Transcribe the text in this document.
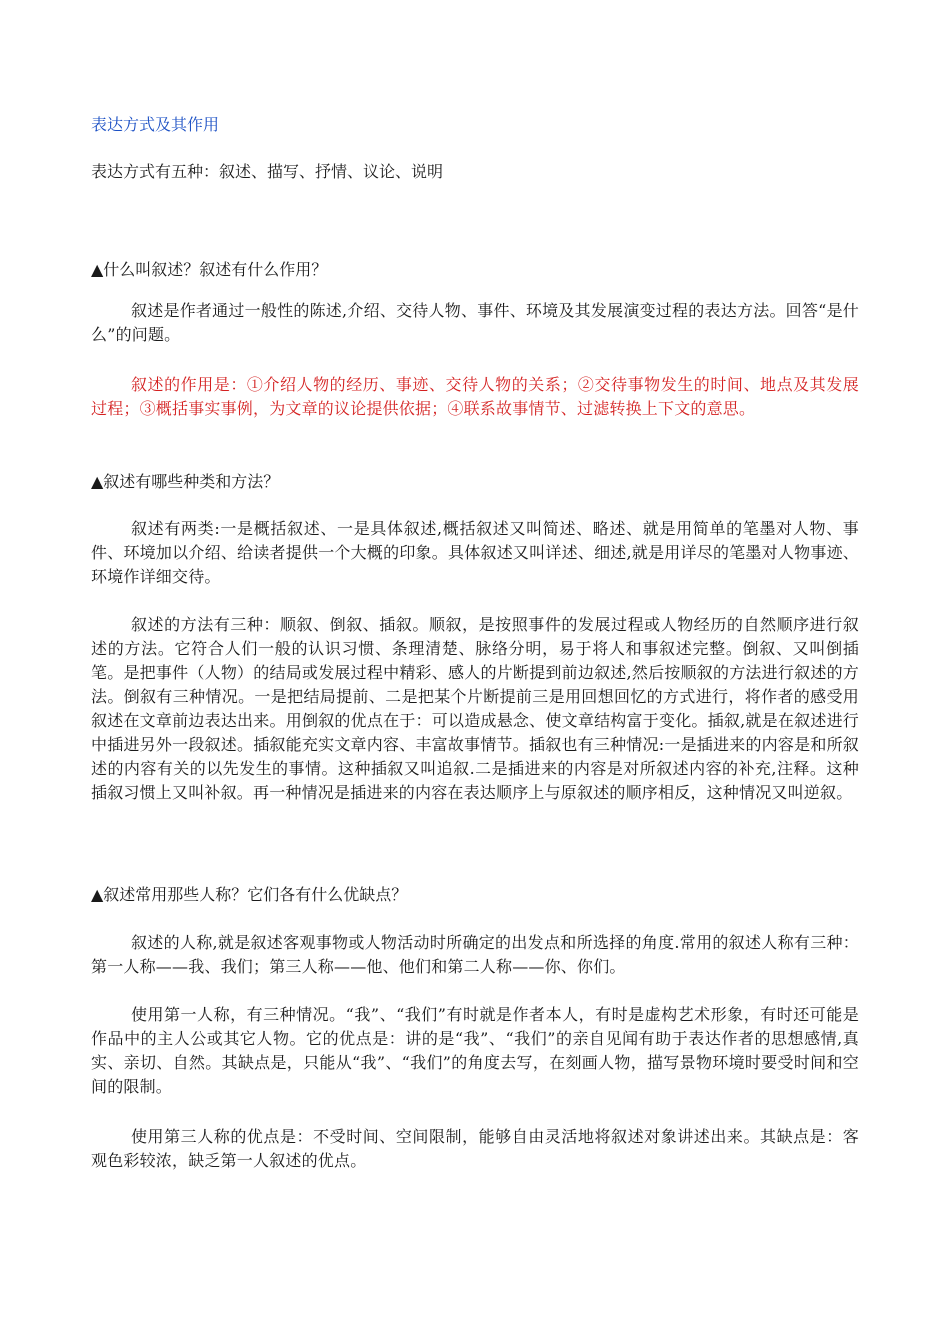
表达方式及其作用
表达方式有五种：叙述、描写、抒情、议论、说明
▲什么叫叙述？叙述有什么作用？

叙述是作者通过一般性的陈述,介绍、交待人物、事件、环境及其发展演变过程的表达方法。回答“是什么”的问题。

叙述的作用是：①介绍人物的经历、事迹、交待人物的关系；②交待事物发生的时间、地点及其发展过程；③概括事实事例，为文章的议论提供依据；④联系故事情节、过滤转换上下文的意思。

▲叙述有哪些种类和方法？

叙述有两类:一是概括叙述、一是具体叙述,概括叙述又叫简述、略述、就是用简单的笔墨对人物、事件、环境加以介绍、给读者提供一个大概的印象。具体叙述又叫详述、细述,就是用详尽的笔墨对人物事迹、环境作详细交待。

叙述的方法有三种：顺叙、倒叙、插叙。顺叙，是按照事件的发展过程或人物经历的自然顺序进行叙述的方法。它符合人们一般的认识习惯、条理清楚、脉络分明，易于将人和事叙述完整。倒叙、又叫倒插笔。是把事件（人物）的结局或发展过程中精彩、感人的片断提到前边叙述,然后按顺叙的方法进行叙述的方法。倒叙有三种情况。一是把结局提前、二是把某个片断提前三是用回想回忆的方式进行，将作者的感受用叙述在文章前边表达出来。用倒叙的优点在于：可以造成悬念、使文章结构富于变化。插叙,就是在叙述进行中插进另外一段叙述。插叙能充实文章内容、丰富故事情节。插叙也有三种情况:一是插进来的内容是和所叙述的内容有关的以先发生的事情。这种插叙又叫追叙.二是插进来的内容是对所叙述内容的补充,注释。这种插叙习惯上又叫补叙。再一种情况是插进来的内容在表达顺序上与原叙述的顺序相反，这种情况又叫逆叙。

▲叙述常用那些人称？它们各有什么优缺点？

叙述的人称,就是叙述客观事物或人物活动时所确定的出发点和所选择的角度.常用的叙述人称有三种：第一人称——我、我们；第三人称——他、他们和第二人称——你、你们。

使用第一人称，有三种情况。“我”、“我们”有时就是作者本人，有时是虚构艺术形象，有时还可能是作品中的主人公或其它人物。它的优点是：讲的是“我”、“我们”的亲自见闻有助于表达作者的思想感情,真实、亲切、自然。其缺点是，只能从“我”、“我们”的角度去写，在刻画人物，描写景物环境时要受时间和空间的限制。

使用第三人称的优点是：不受时间、空间限制，能够自由灵活地将叙述对象讲述出来。其缺点是：客观色彩较浓，缺乏第一人叙述的优点。
